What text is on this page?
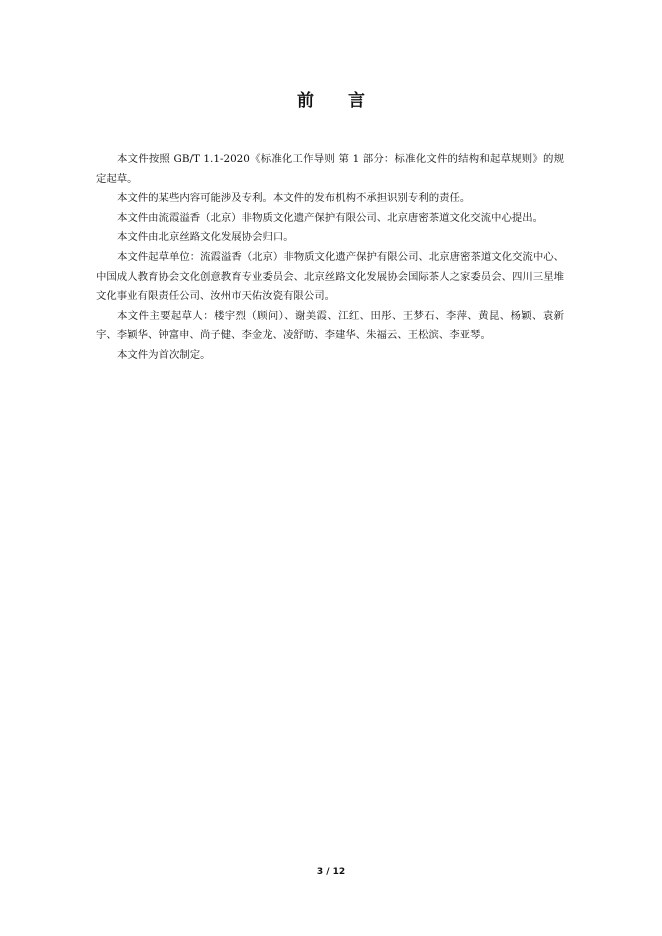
前 言

本文件按照 GB/T 1.1-2020《标准化工作导则 第 1 部分：标准化文件的结构和起草规则》的规定起草。

本文件的某些内容可能涉及专利。本文件的发布机构不承担识别专利的责任。

本文件由流霞溢香（北京）非物质文化遗产保护有限公司、北京唐密茶道文化交流中心提出。

本文件由北京丝路文化发展协会归口。

本文件起草单位：流霞溢香（北京）非物质文化遗产保护有限公司、北京唐密茶道文化交流中心、中国成人教育协会文化创意教育专业委员会、北京丝路文化发展协会国际茶人之家委员会、四川三星堆文化事业有限责任公司、汝州市天佑汝瓷有限公司。

本文件主要起草人：楼宇烈（顾问）、谢美霞、江红、田彤、王梦石、李萍、黄昆、杨颖、袁新宇、李颖华、钟富申、尚子健、李金龙、凌舒昉、李建华、朱福云、王松滨、李亚琴。

本文件为首次制定。

3 / 12
